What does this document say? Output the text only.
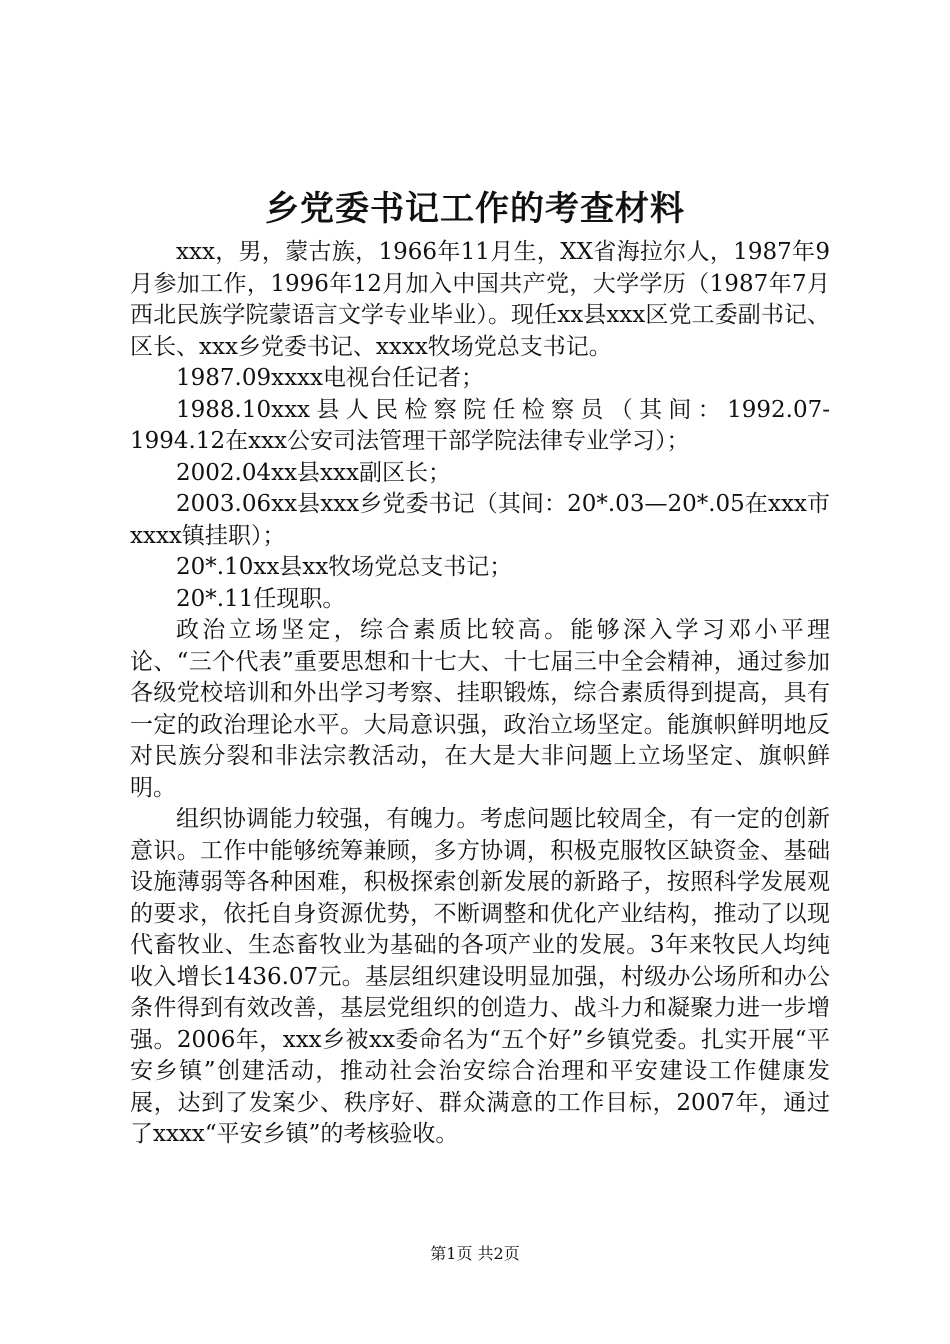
乡党委书记工作的考查材料

xxx，男，蒙古族，1966年11月生，XX省海拉尔人，1987年9月参加工作，1996年12月加入中国共产党，大学学历（1987年7月西北民族学院蒙语言文学专业毕业）。现任xx县xxx区党工委副书记、区长、xxx乡党委书记、xxxx牧场党总支书记。

1987.09xxxx电视台任记者；

1988.10xxx县人民检察院任检察员（其间：1992.07-1994.12在xxx公安司法管理干部学院法律专业学习）；

2002.04xx县xxx副区长；

2003.06xx县xxx乡党委书记（其间：20*.03—20*.05在xxx市xxxx镇挂职）；

20*.10xx县xx牧场党总支书记；

20*.11任现职。

政治立场坚定，综合素质比较高。能够深入学习邓小平理论、“三个代表”重要思想和十七大、十七届三中全会精神，通过参加各级党校培训和外出学习考察、挂职锻炼，综合素质得到提高，具有一定的政治理论水平。大局意识强，政治立场坚定。能旗帜鲜明地反对民族分裂和非法宗教活动，在大是大非问题上立场坚定、旗帜鲜明。

组织协调能力较强，有魄力。考虑问题比较周全，有一定的创新意识。工作中能够统筹兼顾，多方协调，积极克服牧区缺资金、基础设施薄弱等各种困难，积极探索创新发展的新路子，按照科学发展观的要求，依托自身资源优势，不断调整和优化产业结构，推动了以现代畜牧业、生态畜牧业为基础的各项产业的发展。3年来牧民人均纯收入增长1436.07元。基层组织建设明显加强，村级办公场所和办公条件得到有效改善，基层党组织的创造力、战斗力和凝聚力进一步增强。2006年，xxx乡被xx委命名为“五个好”乡镇党委。扎实开展“平安乡镇”创建活动，推动社会治安综合治理和平安建设工作健康发展，达到了发案少、秩序好、群众满意的工作目标，2007年，通过了xxxx“平安乡镇”的考核验收。

第1页 共2页
